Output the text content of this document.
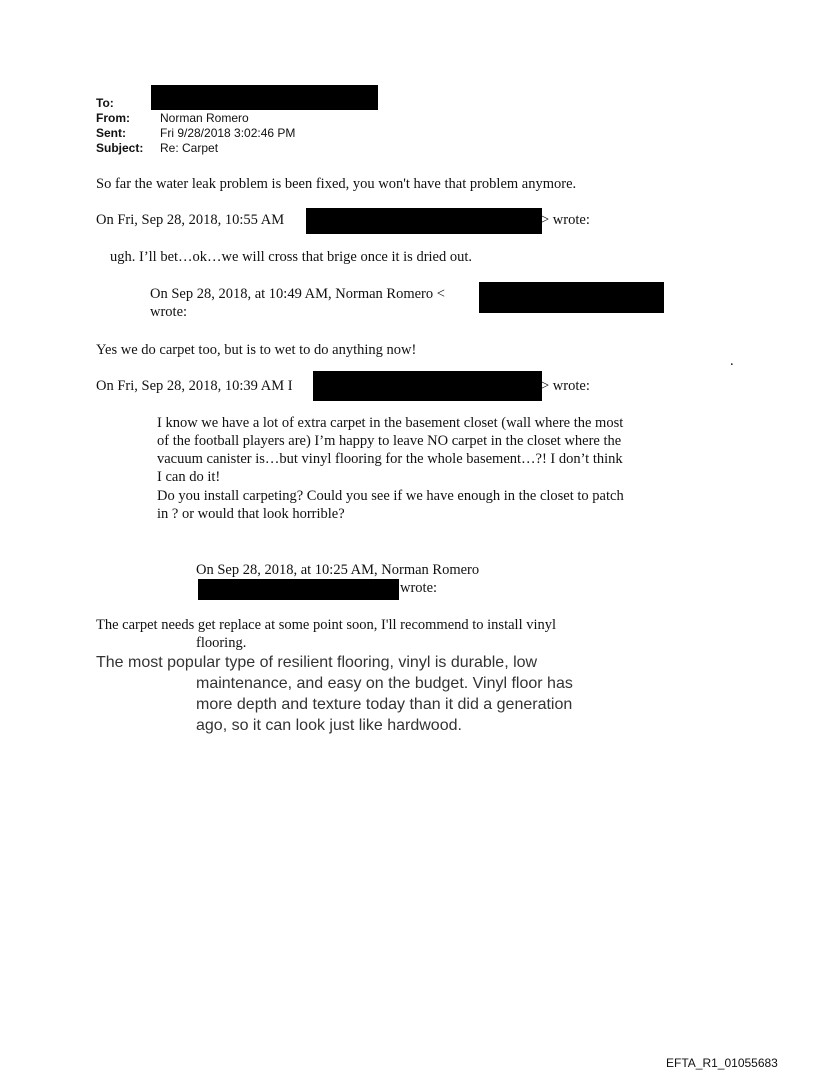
To:
From:	Norman Romero
Sent:	Fri 9/28/2018 3:02:46 PM
Subject: Re: Carpet
So far the water leak problem is been fixed, you won't have that problem anymore.
On Fri, Sep 28, 2018, 10:55 AM	> wrote:
ugh. I’ll bet…ok…we will cross that brige once it is dried out.
On Sep 28, 2018, at 10:49 AM, Norman Romero <
wrote:
Yes we do carpet too, but is to wet to do anything now!
.
On Fri, Sep 28, 2018, 10:39 AM I	> wrote:
I know we have a lot of extra carpet in the basement closet (wall where the most
of the football players are) I’m happy to leave NO carpet in the closet where the
vacuum canister is…but vinyl flooring for the whole basement…?! I don’t think
I can do it!
Do you install carpeting? Could you see if we have enough in the closet to patch
in ? or would that look horrible?
On Sep 28, 2018, at 10:25 AM, Norman Romero
wrote:
The carpet needs get replace at some point soon, I'll recommend to install vinyl
flooring.
The most popular type of resilient flooring, vinyl is durable, low
maintenance, and easy on the budget. Vinyl floor has
more depth and texture today than it did a generation
ago, so it can look just like hardwood.
EFTA_R1_01055683
